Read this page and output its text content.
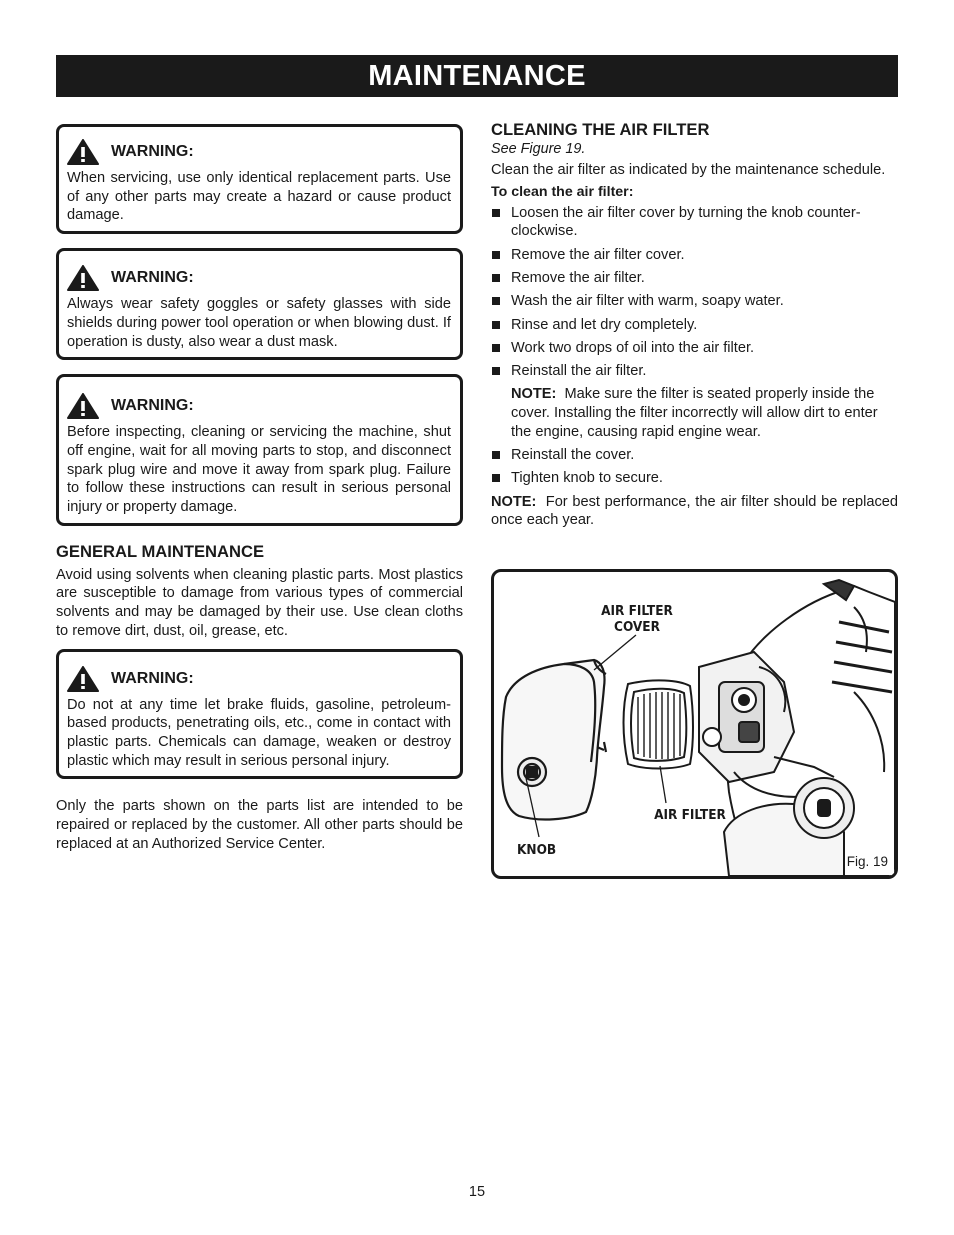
MAINTENANCE
WARNING:
When servicing, use only identical replacement parts. Use of any other parts may create a hazard or cause product damage.
WARNING:
Always wear safety goggles or safety glasses with side shields during power tool operation or when blowing dust. If operation is dusty, also wear a dust mask.
WARNING:
Before inspecting, cleaning or servicing the machine, shut off engine, wait for all moving parts to stop, and disconnect spark plug wire and move it away from spark plug. Failure to follow these instructions can result in serious personal injury or property damage.
GENERAL MAINTENANCE

Avoid using solvents when cleaning plastic parts. Most plastics are susceptible to damage from various types of commercial solvents and may be damaged by their use. Use clean cloths to remove dirt, dust, oil, grease, etc.

WARNING:
Do not at any time let brake fluids, gasoline, petroleum-based products, penetrating oils, etc., come in contact with plastic parts. Chemicals can damage, weaken or destroy plastic which may result in serious personal injury.

Only the parts shown on the parts list are intended to be repaired or replaced by the customer. All other parts should be replaced at an Authorized Service Center.

CLEANING THE AIR FILTER

See Figure 19.

Clean the air filter as indicated by the maintenance schedule.

To clean the air filter:

Loosen the air filter cover by turning the knob counter-clockwise.
Remove the air filter cover.
Remove the air filter.
Wash the air filter with warm, soapy water.
Rinse and let dry completely.
Work two drops of oil into the air filter.
Reinstall the air filter.

NOTE: Make sure the filter is seated properly inside the cover. Installing the filter incorrectly will allow dirt to enter the engine, causing rapid engine wear.

Reinstall the cover.
Tighten knob to secure.

NOTE: For best performance, the air filter should be replaced once each year.

AIR FILTER
COVER
AIR FILTER
KNOB
Fig. 19
15
